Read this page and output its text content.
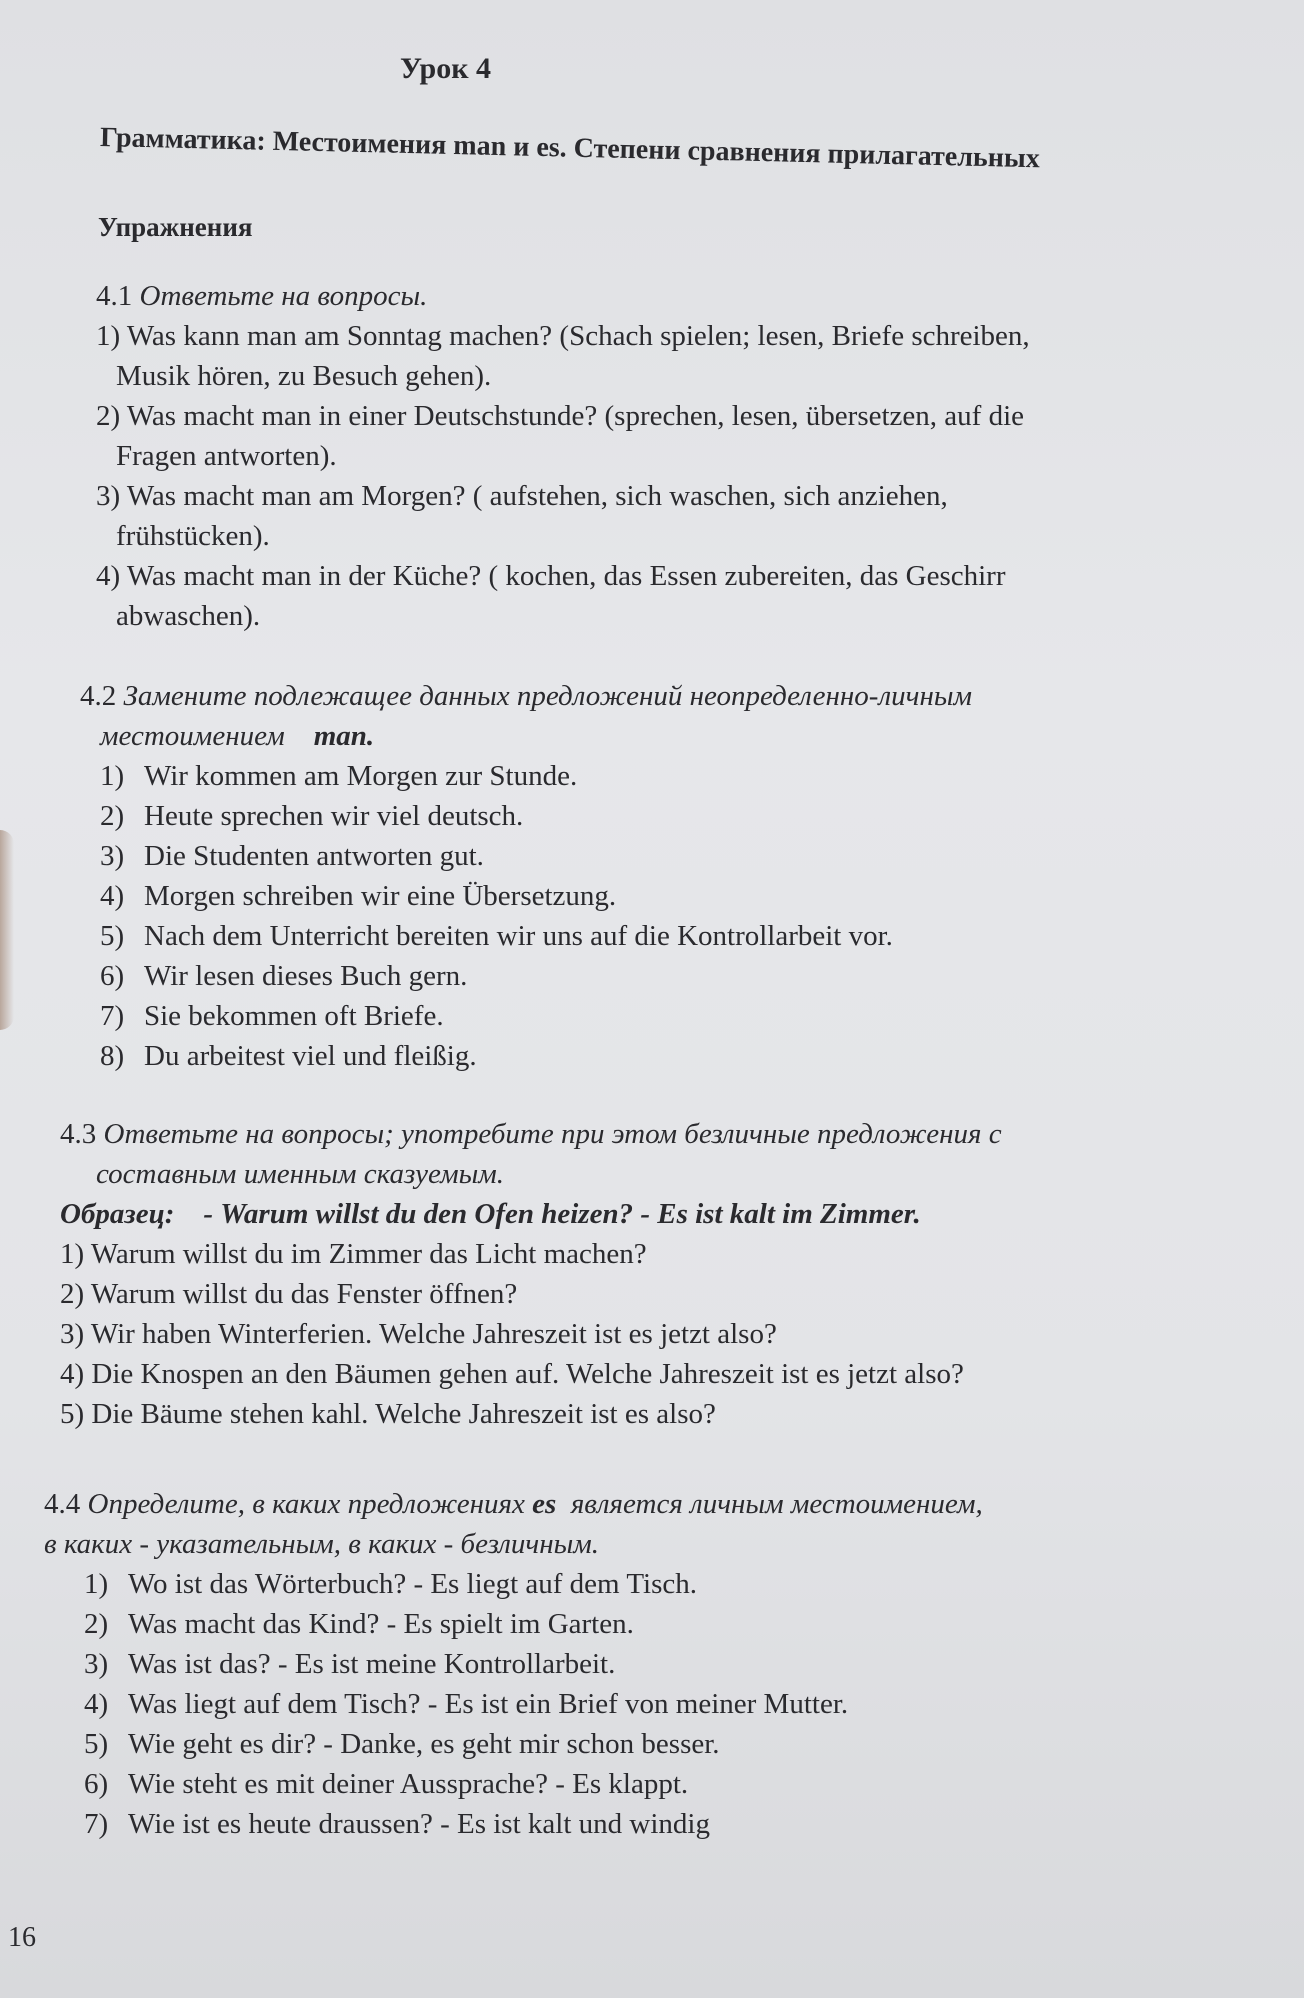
Урок 4
Грамматика: Местоимения man и es. Степени сравнения прилагательных
Упражнения
4.1 Ответьте на вопросы.
1) Was kann man am Sonntag machen? (Schach spielen; lesen, Briefe schreiben,
Musik hören, zu Besuch gehen).
2) Was macht man in einer Deutschstunde? (sprechen, lesen, übersetzen, auf die
Fragen antworten).
3) Was macht man am Morgen? ( aufstehen, sich waschen, sich anziehen,
frühstücken).
4) Was macht man in der Küche? ( kochen, das Essen zubereiten, das Geschirr
abwaschen).
4.2 Замените подлежащее данных предложений неопределенно-личным
местоимением man.
1) Wir kommen am Morgen zur Stunde.
2) Heute sprechen wir viel deutsch.
3) Die Studenten antworten gut.
4) Morgen schreiben wir eine Übersetzung.
5) Nach dem Unterricht bereiten wir uns auf die Kontrollarbeit vor.
6) Wir lesen dieses Buch gern.
7) Sie bekommen oft Briefe.
8) Du arbeitest viel und fleißig.
4.3 Ответьте на вопросы; употребите при этом безличные предложения с
составным именным сказуемым.
Образец: - Warum willst du den Ofen heizen? - Es ist kalt im Zimmer.
1) Warum willst du im Zimmer das Licht machen?
2) Warum willst du das Fenster öffnen?
3) Wir haben Winterferien. Welche Jahreszeit ist es jetzt also?
4) Die Knospen an den Bäumen gehen auf. Welche Jahreszeit ist es jetzt also?
5) Die Bäume stehen kahl. Welche Jahreszeit ist es also?
4.4 Определите, в каких предложениях es является личным местоимением,
в каких - указательным, в каких - безличным.
1) Wo ist das Wörterbuch? - Es liegt auf dem Tisch.
2) Was macht das Kind? - Es spielt im Garten.
3) Was ist das? - Es ist meine Kontrollarbeit.
4) Was liegt auf dem Tisch? - Es ist ein Brief von meiner Mutter.
5) Wie geht es dir? - Danke, es geht mir schon besser.
6) Wie steht es mit deiner Aussprache? - Es klappt.
7) Wie ist es heute draussen? - Es ist kalt und windig
16
